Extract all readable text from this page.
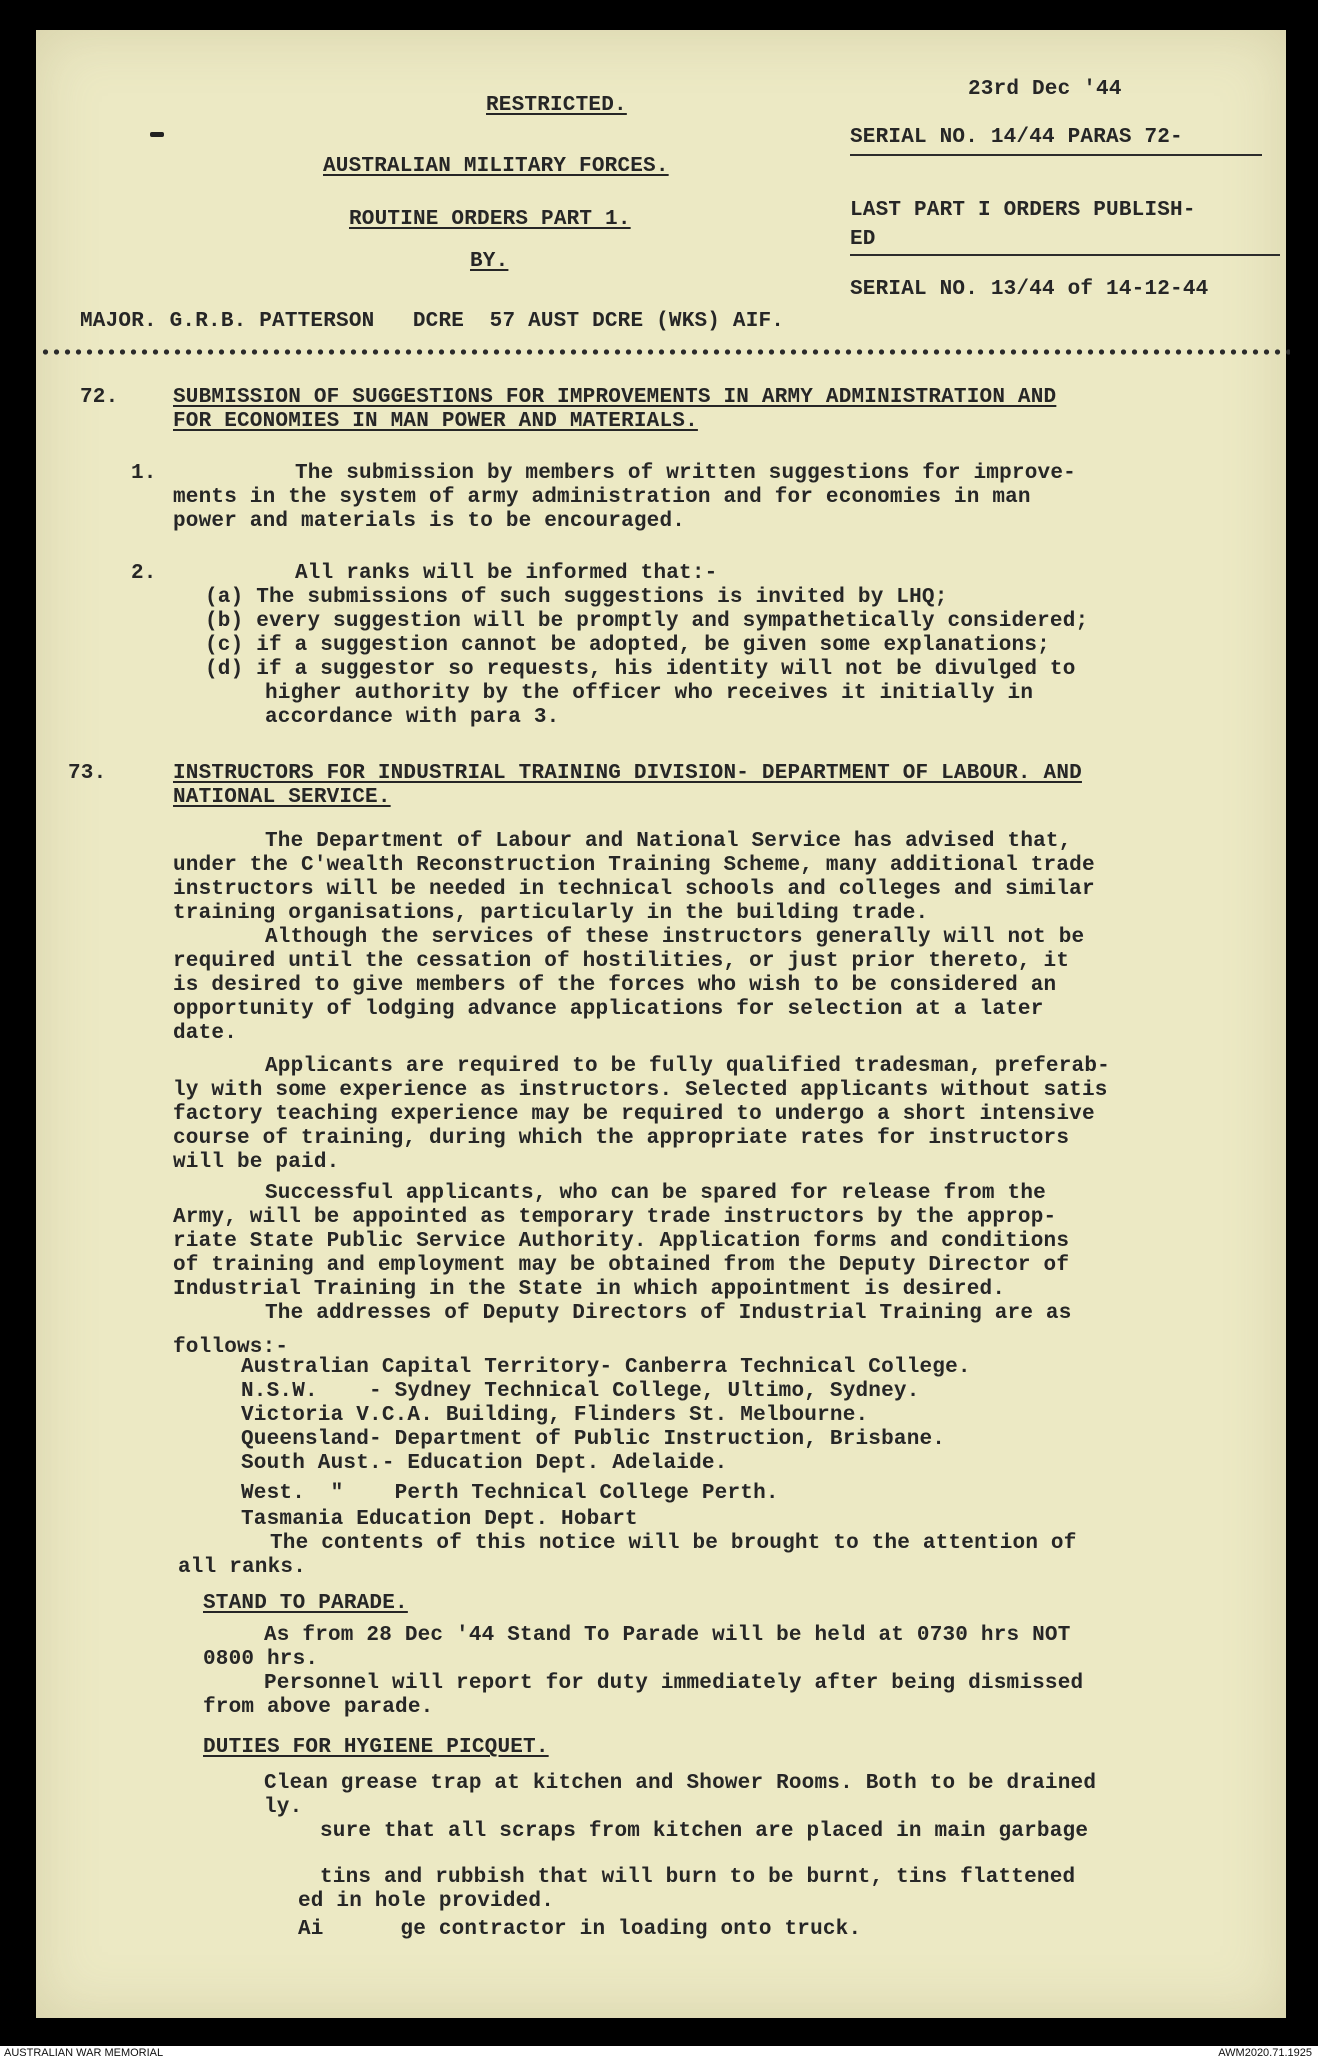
RESTRICTED.
AUSTRALIAN MILITARY FORCES.
ROUTINE ORDERS PART 1.
BY.
23rd Dec '44
SERIAL NO. 14/44 PARAS 72-
LAST PART I ORDERS PUBLISH-
ED
SERIAL NO. 13/44 of 14-12-44
MAJOR. G.R.B. PATTERSON   DCRE  57 AUST DCRE (WKS) AIF.
72.	SUBMISSION OF SUGGESTIONS FOR IMPROVEMENTS IN ARMY ADMINISTRATION AND
FOR ECONOMIES IN MAN POWER AND MATERIALS.
1.	The submission by members of written suggestions for improve-
ments in the system of army administration and for economies in man
power and materials is to be encouraged.
2.	All ranks will be informed that:-
(a) The submissions of such suggestions is invited by LHQ;
(b) every suggestion will be promptly and sympathetically considered;
(c) if a suggestion cannot be adopted, be given some explanations;
(d) if a suggestor so requests, his identity will not be divulged to
higher authority by the officer who receives it initially in
accordance with para 3.
73.	INSTRUCTORS FOR INDUSTRIAL TRAINING DIVISION- DEPARTMENT OF LABOUR. AND
NATIONAL SERVICE.
The Department of Labour and National Service has advised that,
under the C'wealth Reconstruction Training Scheme, many additional trade
instructors will be needed in technical schools and colleges and similar
training organisations, particularly in the building trade.
Although the services of these instructors generally will not be
required until the cessation of hostilities, or just prior thereto, it
is desired to give members of the forces who wish to be considered an
opportunity of lodging advance applications for selection at a later
date.
Applicants are required to be fully qualified tradesman, preferab-
ly with some experience as instructors. Selected applicants without satis
factory teaching experience may be required to undergo a short intensive
course of training, during which the appropriate rates for instructors
will be paid.
Successful applicants, who can be spared for release from the
Army, will be appointed as temporary trade instructors by the approp-
riate State Public Service Authority. Application forms and conditions
of training and employment may be obtained from the Deputy Director of
Industrial Training in the State in which appointment is desired.
The addresses of Deputy Directors of Industrial Training are as
follows:-
Australian Capital Territory- Canberra Technical College.
N.S.W.    - Sydney Technical College, Ultimo, Sydney.
Victoria V.C.A. Building, Flinders St. Melbourne.
Queensland- Department of Public Instruction, Brisbane.
South Aust.- Education Dept. Adelaide.
West.  "    Perth Technical College Perth.
Tasmania Education Dept. Hobart
The contents of this notice will be brought to the attention of
all ranks.
STAND TO PARADE.
As from 28 Dec '44 Stand To Parade will be held at 0730 hrs NOT
0800 hrs.
Personnel will report for duty immediately after being dismissed
from above parade.
DUTIES FOR HYGIENE PICQUET.
Clean grease trap at kitchen and Shower Rooms. Both to be drained
ly.
sure that all scraps from kitchen are placed in main garbage
tins and rubbish that will burn to be burnt, tins flattened
ed in hole provided.
Ai      ge contractor in loading onto truck.
AUSTRALIAN WAR MEMORIAL	AWM2020.71.1925
